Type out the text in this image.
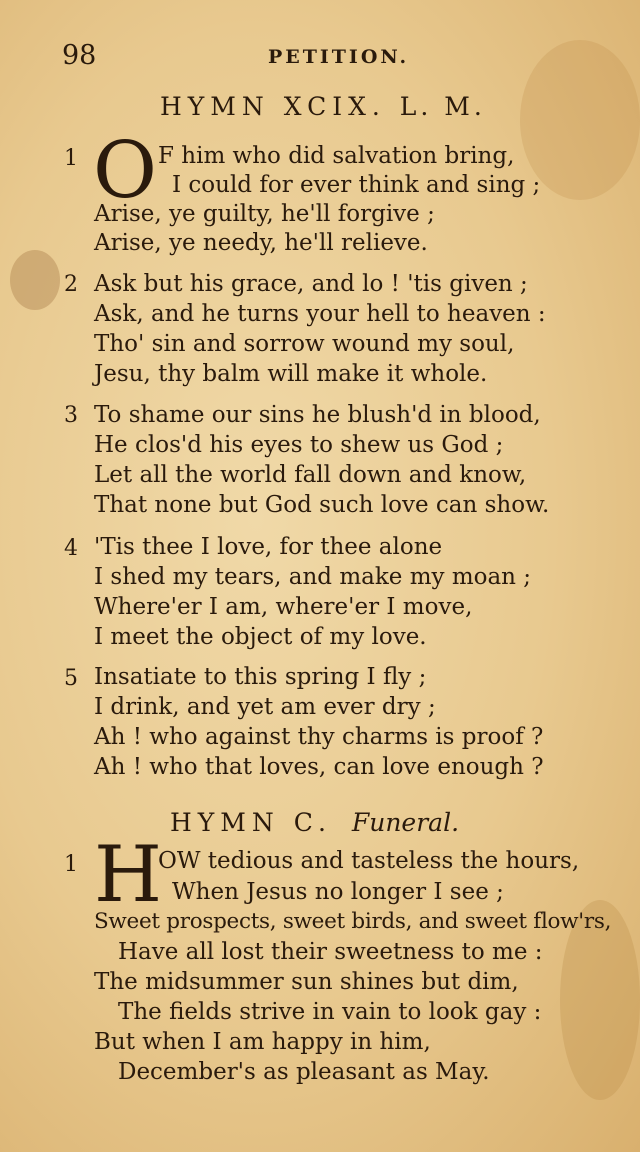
98	PETITION.
HYMN XCIX. L. M.
1 O F him who did salvation bring,
I could for ever think and sing ;
Arise, ye guilty, he'll forgive ;
Arise, ye needy, he'll relieve.
2 Ask but his grace, and lo ! 'tis given ;
Ask, and he turns your hell to heaven :
Tho' sin and sorrow wound my soul,
Jesu, thy balm will make it whole.
3 To shame our sins he blush'd in blood,
He clos'd his eyes to shew us God ;
Let all the world fall down and know,
That none but God such love can show.
4 'Tis thee I love, for thee alone
I shed my tears, and make my moan ;
Where'er I am, where'er I move,
I meet the object of my love.
5 Insatiate to this spring I fly ;
I drink, and yet am ever dry ;
Ah ! who against thy charms is proof ?
Ah ! who that loves, can love enough ?
HYMN C. Funeral.
1 H
OW tedious and tasteless the hours,
When Jesus no longer I see ;
Sweet prospects, sweet birds, and sweet flow'rs,
Have all lost their sweetness to me :
The midsummer sun shines but dim,
The fields strive in vain to look gay :
But when I am happy in him,
December's as pleasant as May.
